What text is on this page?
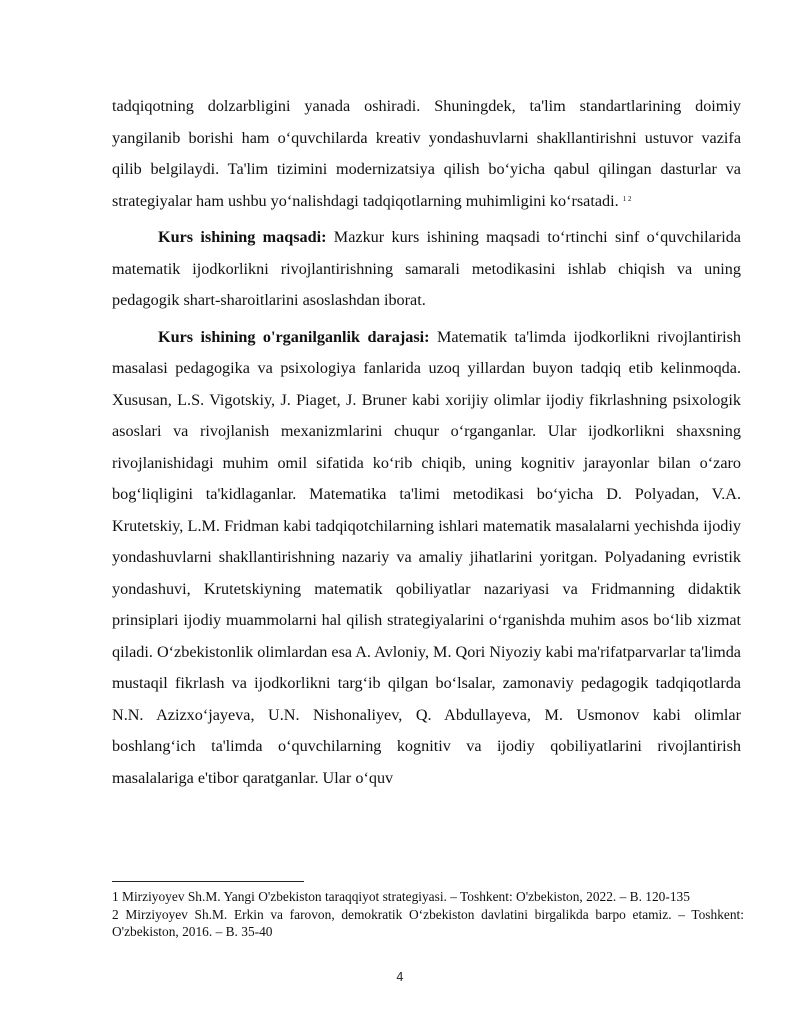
tadqiqotning dolzarbligini yanada oshiradi. Shuningdek, ta'lim standartlarining doimiy yangilanib borishi ham o‘quvchilarda kreativ yondashuvlarni shakllantirishni ustuvor vazifa qilib belgilaydi. Ta'lim tizimini modernizatsiya qilish bo‘yicha qabul qilingan dasturlar va strategiyalar ham ushbu yo‘nalishdagi tadqiqotlarning muhimligini ko‘rsatadi. $^{1 2}$

Kurs ishining maqsadi: Mazkur kurs ishining maqsadi to‘rtinchi sinf o‘quvchilarida matematik ijodkorlikni rivojlantirishning samarali metodikasini ishlab chiqish va uning pedagogik shart-sharoitlarini asoslashdan iborat.

Kurs ishining o'rganilganlik darajasi: Matematik ta'limda ijodkorlikni rivojlantirish masalasi pedagogika va psixologiya fanlarida uzoq yillardan buyon tadqiq etib kelinmoqda. Xususan, L.S. Vigotskiy, J. Piaget, J. Bruner kabi xorijiy olimlar ijodiy fikrlashning psixologik asoslari va rivojlanish mexanizmlarini chuqur o‘rganganlar. Ular ijodkorlikni shaxsning rivojlanishidagi muhim omil sifatida ko‘rib chiqib, uning kognitiv jarayonlar bilan o‘zaro bog‘liqligini ta'kidlaganlar. Matematika ta'limi metodikasi bo‘yicha D. Polyadan, V.A. Krutetskiy, L.M. Fridman kabi tadqiqotchilarning ishlari matematik masalalarni yechishda ijodiy yondashuvlarni shakllantirishning nazariy va amaliy jihatlarini yoritgan. Polyadaning evristik yondashuvi, Krutetskiyning matematik qobiliyatlar nazariyasi va Fridmanning didaktik prinsiplari ijodiy muammolarni hal qilish strategiyalarini o‘rganishda muhim asos bo‘lib xizmat qiladi. O‘zbekistonlik olimlardan esa A. Avloniy, M. Qori Niyoziy kabi ma'rifatparvarlar ta'limda mustaqil fikrlash va ijodkorlikni targ‘ib qilgan bo‘lsalar, zamonaviy pedagogik tadqiqotlarda N.N. Azizxo‘jayeva, U.N. Nishonaliyev, Q. Abdullayeva, M. Usmonov kabi olimlar boshlang‘ich ta'limda o‘quvchilarning kognitiv va ijodiy qobiliyatlarini rivojlantirish masalalariga e'tibor qaratganlar. Ular o‘quv

1 Mirziyoyev Sh.M. Yangi O'zbekiston taraqqiyot strategiyasi. – Toshkent: O'zbekiston, 2022. – B. 120-135

2 Mirziyoyev Sh.M. Erkin va farovon, demokratik O‘zbekiston davlatini birgalikda barpo etamiz. – Toshkent: O'zbekiston, 2016. – B. 35-40

4
